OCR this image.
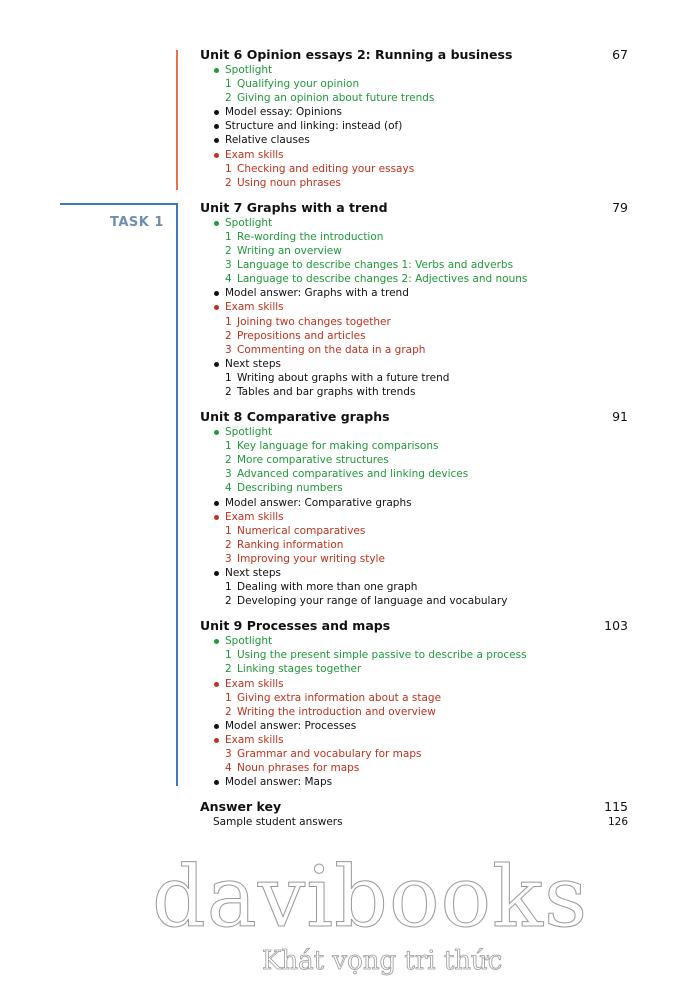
TASK 1
Unit 6 Opinion essays 2: Running a business	67
Spotlight
1 Qualifying your opinion
2 Giving an opinion about future trends
Model essay: Opinions
Structure and linking: instead (of)
Relative clauses
Exam skills
1 Checking and editing your essays
2 Using noun phrases
Unit 7 Graphs with a trend	79
Spotlight
1 Re-wording the introduction
2 Writing an overview
3 Language to describe changes 1: Verbs and adverbs
4 Language to describe changes 2: Adjectives and nouns
Model answer: Graphs with a trend
Exam skills
1 Joining two changes together
2 Prepositions and articles
3 Commenting on the data in a graph
Next steps
1 Writing about graphs with a future trend
2 Tables and bar graphs with trends
Unit 8 Comparative graphs	91
Spotlight
1 Key language for making comparisons
2 More comparative structures
3 Advanced comparatives and linking devices
4 Describing numbers
Model answer: Comparative graphs
Exam skills
1 Numerical comparatives
2 Ranking information
3 Improving your writing style
Next steps
1 Dealing with more than one graph
2 Developing your range of language and vocabulary
Unit 9 Processes and maps	103
Spotlight
1 Using the present simple passive to describe a process
2 Linking stages together
Exam skills
1 Giving extra information about a stage
2 Writing the introduction and overview
Model answer: Processes
Exam skills
3 Grammar and vocabulary for maps
4 Noun phrases for maps
Model answer: Maps
Answer key	115
Sample student answers	126
davibooks
Khát vọng tri thức
